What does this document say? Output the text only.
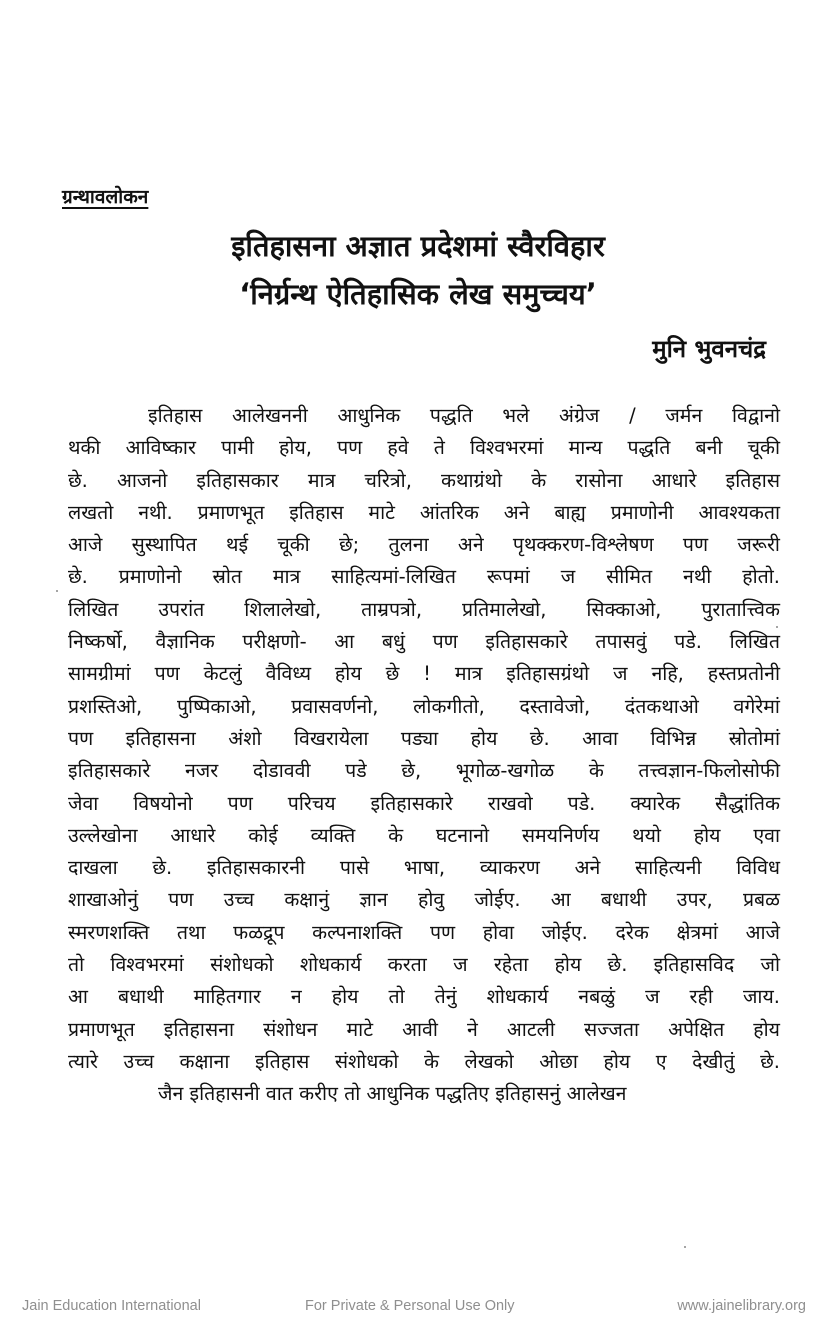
ग्रन्थावलोकन
इतिहासना अज्ञात प्रदेशमां स्वैरविहार
‘निर्ग्रन्थ ऐतिहासिक लेख समुच्चय’
मुनि भुवनचंद्र
इतिहास आलेखननी आधुनिक पद्धति भले अंग्रेज / जर्मन विद्वानो
थकी आविष्कार पामी होय, पण हवे ते विश्वभरमां मान्य पद्धति बनी चूकी
छे. आजनो इतिहासकार मात्र चरित्रो, कथाग्रंथो के रासोना आधारे इतिहास
लखतो नथी. प्रमाणभूत इतिहास माटे आंतरिक अने बाह्य प्रमाणोनी आवश्यकता
आजे सुस्थापित थई चूकी छे; तुलना अने पृथक्करण-विश्लेषण पण जरूरी
छे. प्रमाणोनो स्रोत मात्र साहित्यमां-लिखित रूपमां ज सीमित नथी होतो.
लिखित उपरांत शिलालेखो, ताम्रपत्रो, प्रतिमालेखो, सिक्काओ, पुरातात्त्विक
निष्कर्षो, वैज्ञानिक परीक्षणो- आ बधुं पण इतिहासकारे तपासवुं पडे. लिखित
सामग्रीमां पण केटलुं वैविध्य होय छे ! मात्र इतिहासग्रंथो ज नहि, हस्तप्रतोनी
प्रशस्तिओ, पुष्पिकाओ, प्रवासवर्णनो, लोकगीतो, दस्तावेजो, दंतकथाओ वगेरेमां
पण इतिहासना अंशो विखरायेला पड्या होय छे. आवा विभिन्न स्रोतोमां
इतिहासकारे नजर दोडाववी पडे छे, भूगोळ-खगोळ के तत्त्वज्ञान-फिलोसोफी
जेवा विषयोनो पण परिचय इतिहासकारे राखवो पडे. क्यारेक सैद्धांतिक
उल्लेखोना आधारे कोई व्यक्ति के घटनानो समयनिर्णय थयो होय एवा
दाखला छे. इतिहासकारनी पासे भाषा, व्याकरण अने साहित्यनी विविध
शाखाओनुं पण उच्च कक्षानुं ज्ञान होवु जोईए. आ बधाथी उपर, प्रबळ
स्मरणशक्ति तथा फळद्रूप कल्पनाशक्ति पण होवा जोईए. दरेक क्षेत्रमां आजे
तो विश्वभरमां संशोधको शोधकार्य करता ज रहेता होय छे. इतिहासविद जो
आ बधाथी माहितगार न होय तो तेनुं शोधकार्य नबळुं ज रही जाय.
प्रमाणभूत इतिहासना संशोधन माटे आवी ने आटली सज्जता अपेक्षित होय
त्यारे उच्च कक्षाना इतिहास संशोधको के लेखको ओछा होय ए देखीतुं छे.
जैन इतिहासनी वात करीए तो आधुनिक पद्धतिए इतिहासनुं आलेखन
Jain Education International	For Private & Personal Use Only	www.jainelibrary.org
